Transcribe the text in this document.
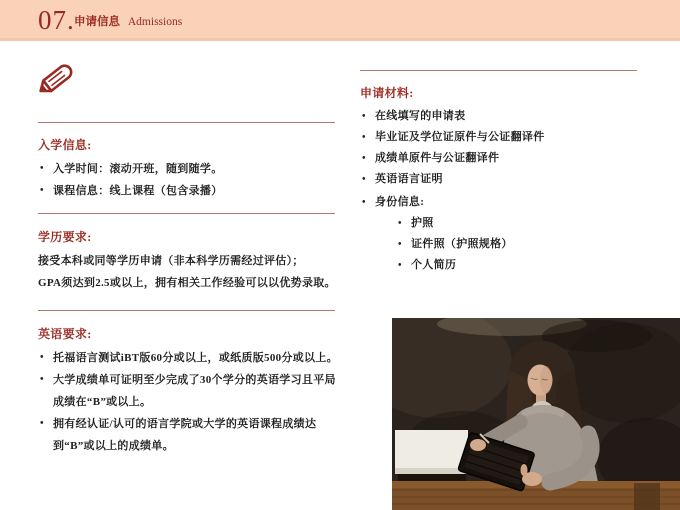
07. 申请信息 Admissions
入学信息:
• 入学时间：滚动开班，随到随学。
• 课程信息：线上课程（包含录播）
学历要求:

接受本科或同等学历申请（非本科学历需经过评估）；

GPA须达到2.5或以上，拥有相关工作经验可以以优势录取。

英语要求:
• 托福语言测试iBT版60分或以上，或纸质版500分或以上。
• 大学成绩单可证明至少完成了30个学分的英语学习且平局成绩在“B”或以上。
• 拥有经认证/认可的语言学院或大学的英语课程成绩达到“B”或以上的成绩单。
申请材料:
• 在线填写的申请表
• 毕业证及学位证原件与公证翻译件
• 成绩单原件与公证翻译件
• 英语语言证明
• 身份信息:
• 护照
• 证件照（护照规格）
• 个人简历
